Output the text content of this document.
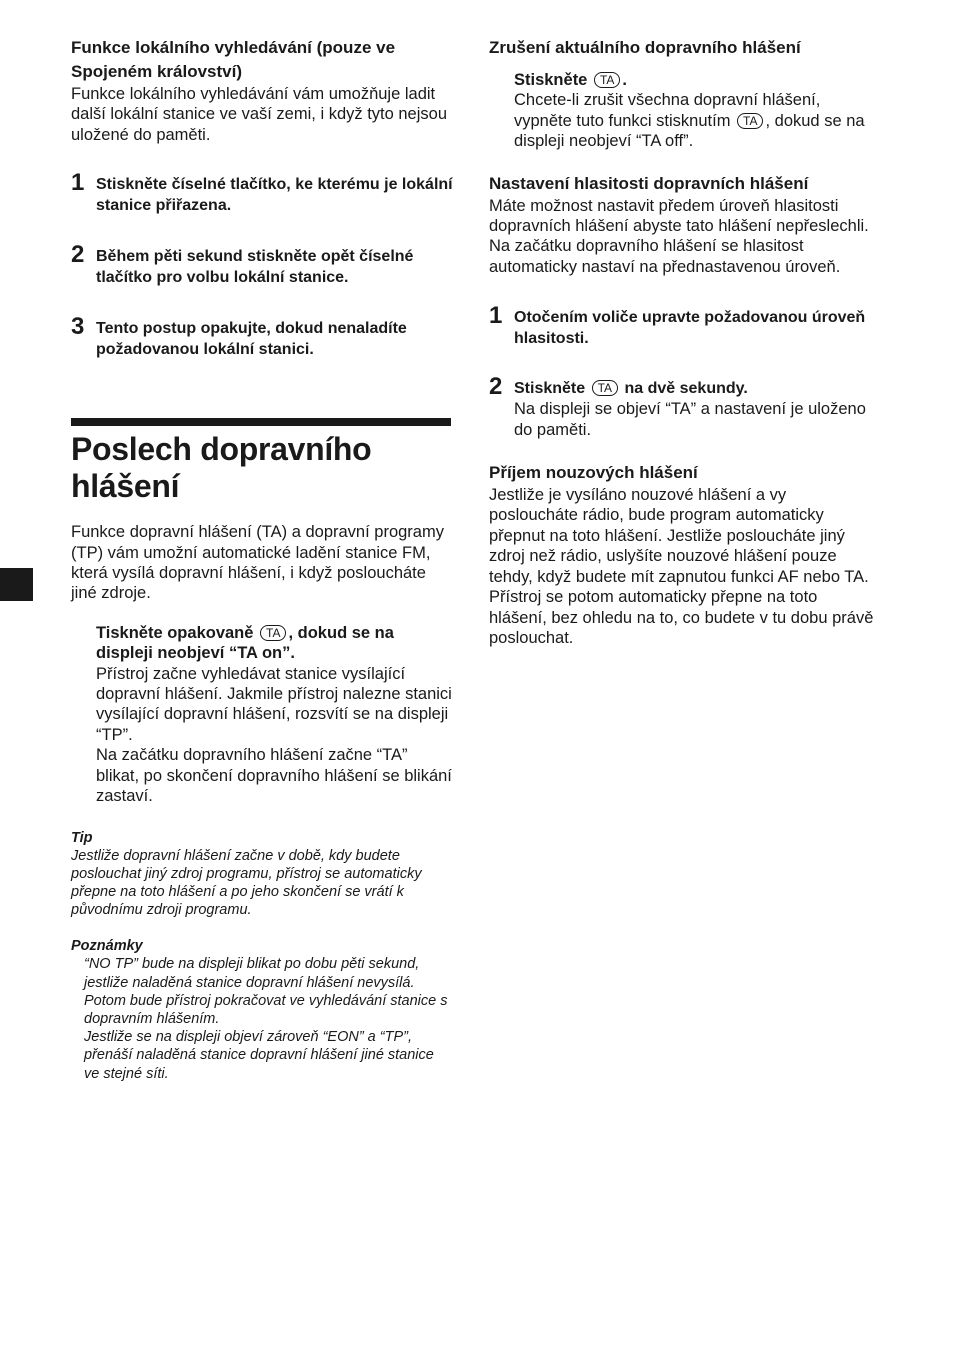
Funkce lokálního vyhledávání (pouze ve Spojeném království)

Funkce lokálního vyhledávání vám umožňuje ladit další lokální stanice ve vaší zemi, i když tyto nejsou uložené do paměti.

1 Stiskněte číselné tlačítko, ke kterému je lokální stanice přiřazena.
2 Během pěti sekund stiskněte opět číselné tlačítko pro volbu lokální stanice.
3 Tento postup opakujte, dokud nenaladíte požadovanou lokální stanici.

Poslech dopravního hlášení

Funkce dopravní hlášení (TA) a dopravní programy (TP) vám umožní automatické ladění stanice FM, která vysílá dopravní hlášení, i když posloucháte jiné zdroje.

Tiskněte opakovaně TA , dokud se na displeji neobjeví “TA on”.

Přístroj začne vyhledávat stanice vysílající dopravní hlášení. Jakmile přístroj nalezne stanici vysílající dopravní hlášení, rozsvítí se na displeji “TP”.

Na začátku dopravního hlášení začne “TA” blikat, po skončení dopravního hlášení se blikání zastaví.

Tip

Jestliže dopravní hlášení začne v době, kdy budete poslouchat jiný zdroj programu, přístroj se automaticky přepne na toto hlášení a po jeho skončení se vrátí k původnímu zdroji programu.

Poznámky

“NO TP” bude na displeji blikat po dobu pěti sekund, jestliže naladěná stanice dopravní hlášení nevysílá. Potom bude přístroj pokračovat ve vyhledávání stanice s dopravním hlášením.

Jestliže se na displeji objeví zároveň “EON” a “TP”, přenáší naladěná stanice dopravní hlášení jiné stanice ve stejné síti.

Zrušení aktuálního dopravního hlášení

Stiskněte TA .

Chcete-li zrušit všechna dopravní hlášení, vypněte tuto funkci stisknutím TA , dokud se na displeji neobjeví “TA off”.

Nastavení hlasitosti dopravních hlášení

Máte možnost nastavit předem úroveň hlasitosti dopravních hlášení abyste tato hlášení nepřeslechli. Na začátku dopravního hlášení se hlasitost automaticky nastaví na přednastavenou úroveň.

1 Otočením voliče upravte požadovanou úroveň hlasitosti.
2 Stiskněte TA na dvě sekundy.

Na displeji se objeví “TA” a nastavení je uloženo do paměti.

Příjem nouzových hlášení

Jestliže je vysíláno nouzové hlášení a vy posloucháte rádio, bude program automaticky přepnut na toto hlášení. Jestliže posloucháte jiný zdroj než rádio, uslyšíte nouzové hlášení pouze tehdy, když budete mít zapnutou funkci AF nebo TA. Přístroj se potom automaticky přepne na toto hlášení, bez ohledu na to, co budete v tu dobu právě poslouchat.
